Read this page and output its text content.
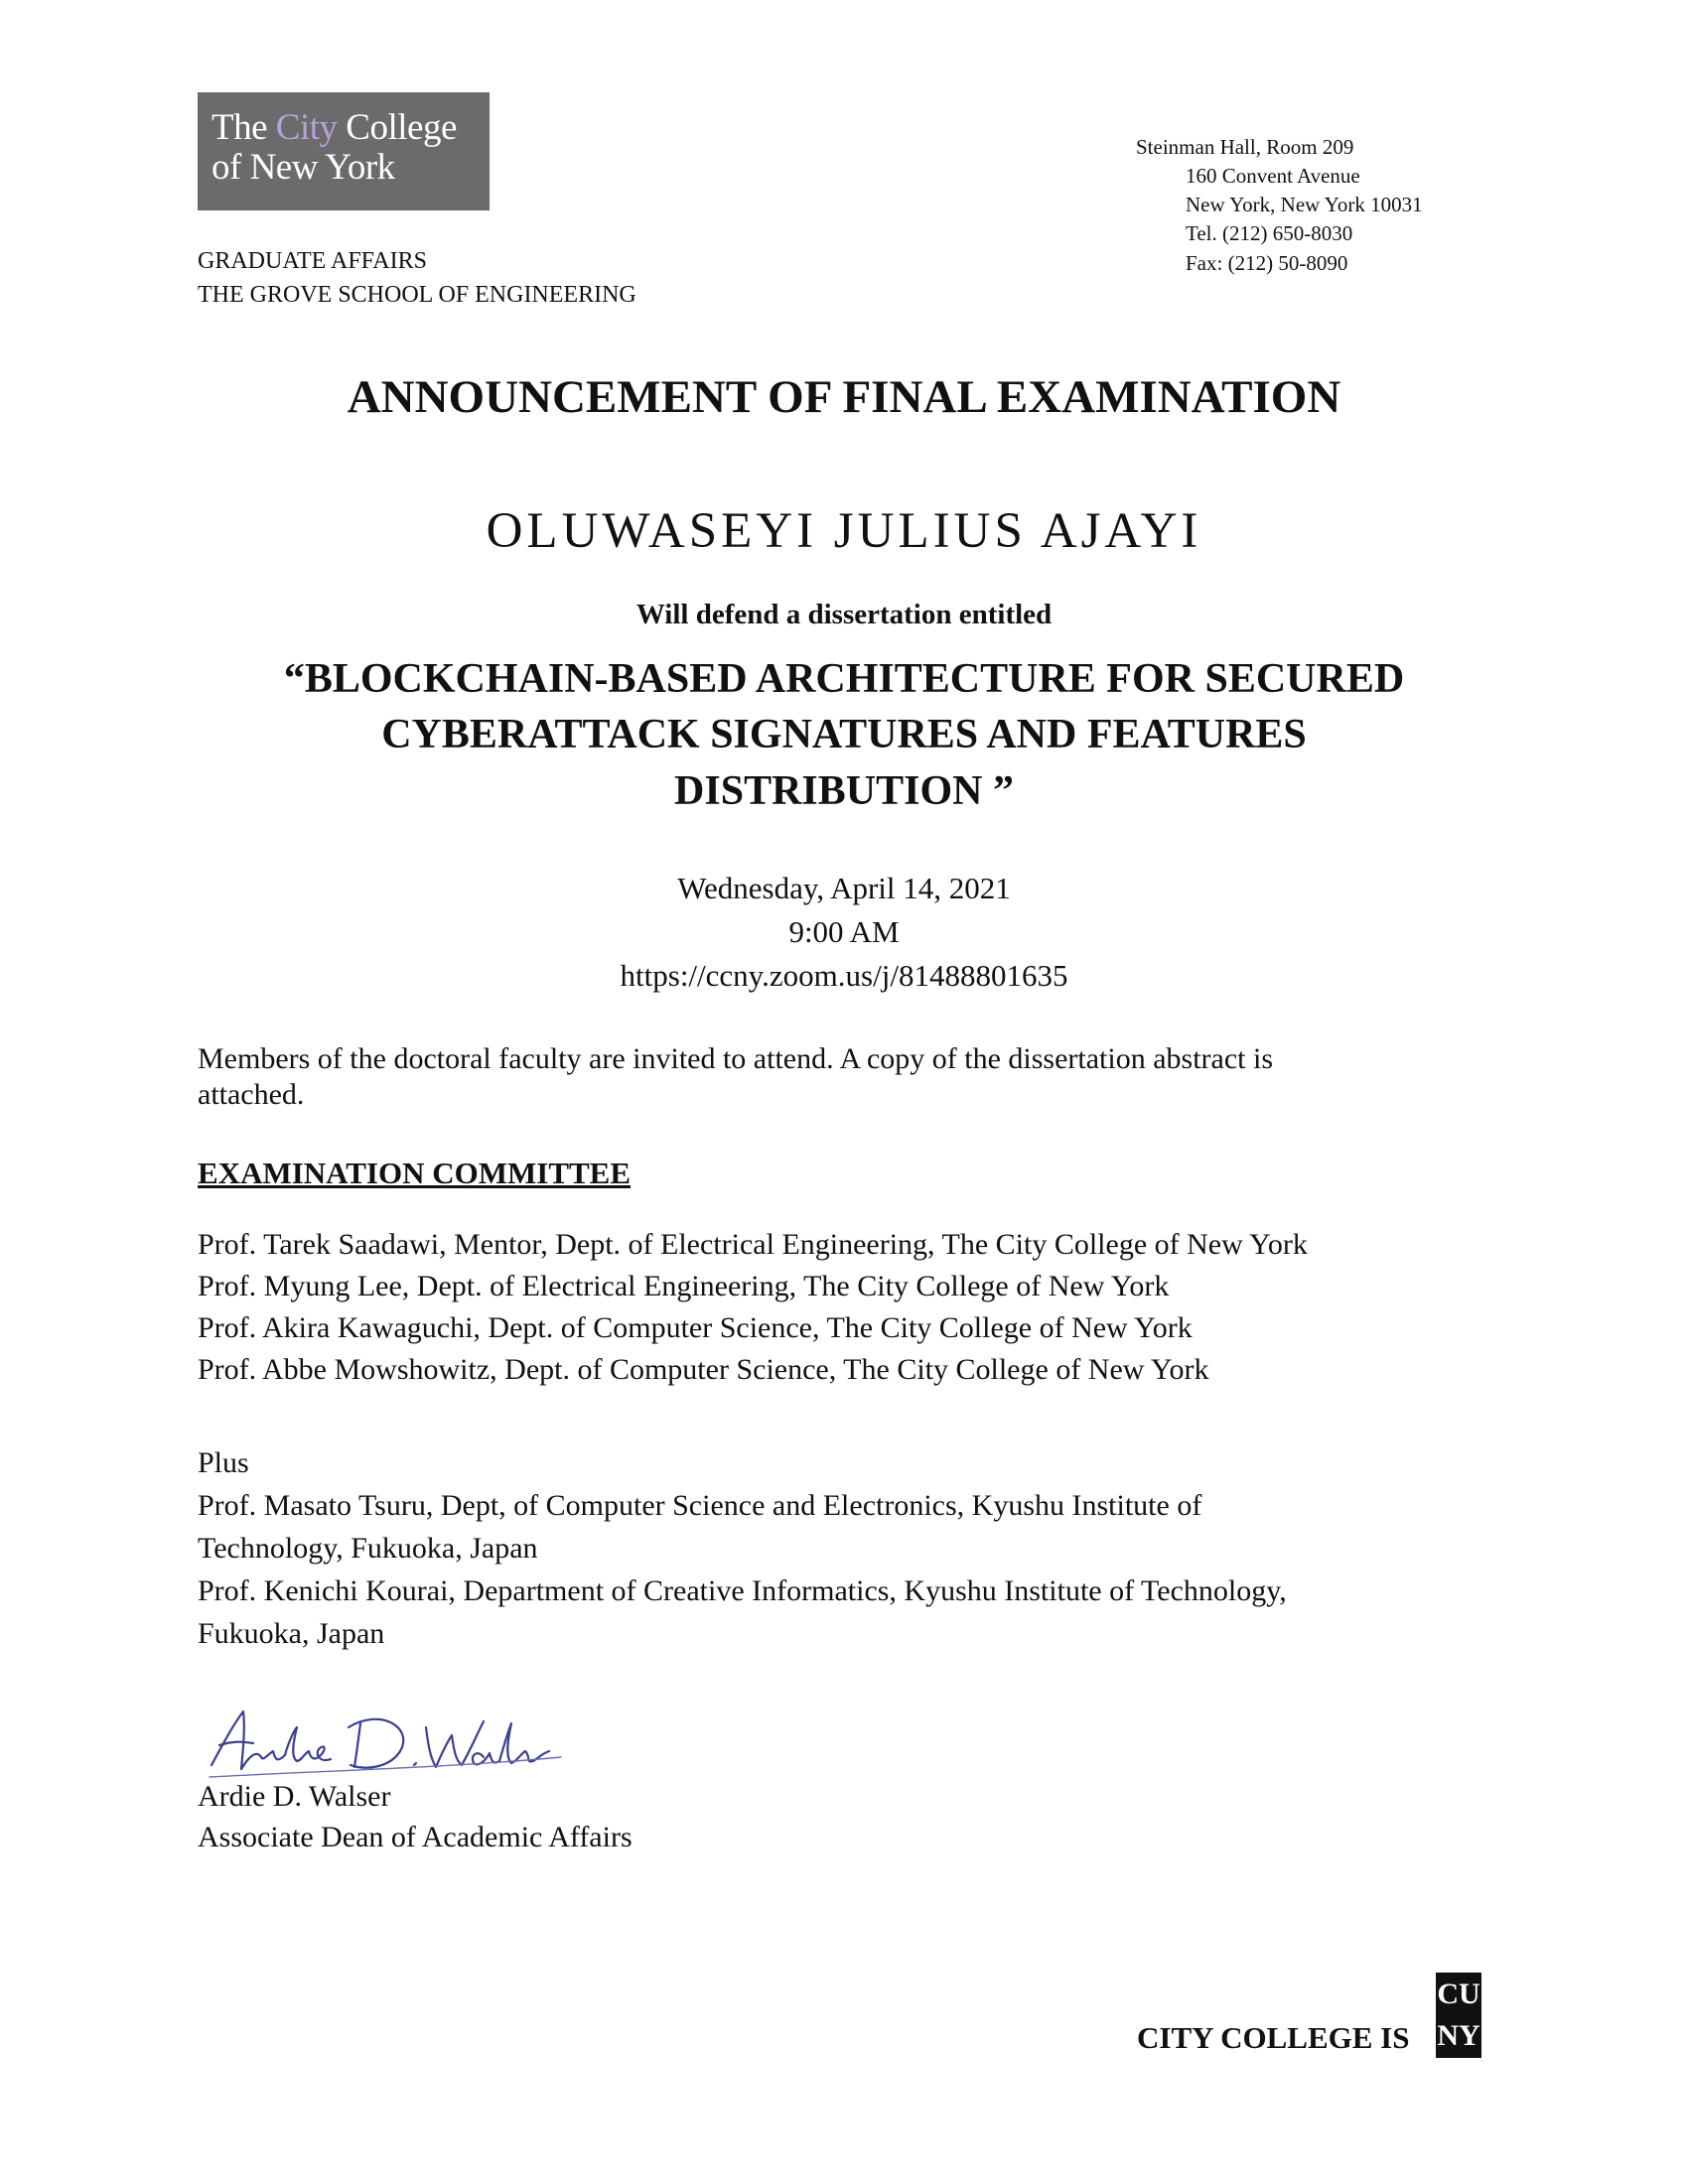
The City College
of New York
GRADUATE AFFAIRS
THE GROVE SCHOOL OF ENGINEERING
Steinman Hall, Room 209
160 Convent Avenue
New York, New York 10031
Tel. (212) 650-8030
Fax: (212) 50-8090
ANNOUNCEMENT OF FINAL EXAMINATION
OLUWASEYI JULIUS AJAYI
Will defend a dissertation entitled
“BLOCKCHAIN-BASED ARCHITECTURE FOR SECURED
CYBERATTACK SIGNATURES AND FEATURES
DISTRIBUTION ”
Wednesday, April 14, 2021
9:00 AM
https://ccny.zoom.us/j/81488801635
Members of the doctoral faculty are invited to attend. A copy of the dissertation abstract is
attached.
EXAMINATION COMMITTEE
Prof. Tarek Saadawi, Mentor, Dept. of Electrical Engineering, The City College of New York
Prof. Myung Lee, Dept. of Electrical Engineering, The City College of New York
Prof. Akira Kawaguchi, Dept. of Computer Science, The City College of New York
Prof. Abbe Mowshowitz, Dept. of Computer Science, The City College of New York
Plus
Prof. Masato Tsuru, Dept, of Computer Science and Electronics, Kyushu Institute of
Technology, Fukuoka, Japan
Prof. Kenichi Kourai, Department of Creative Informatics, Kyushu Institute of Technology,
Fukuoka, Japan
Ardie D. Walser
Associate Dean of Academic Affairs
CITY COLLEGE IS
CU
NY
